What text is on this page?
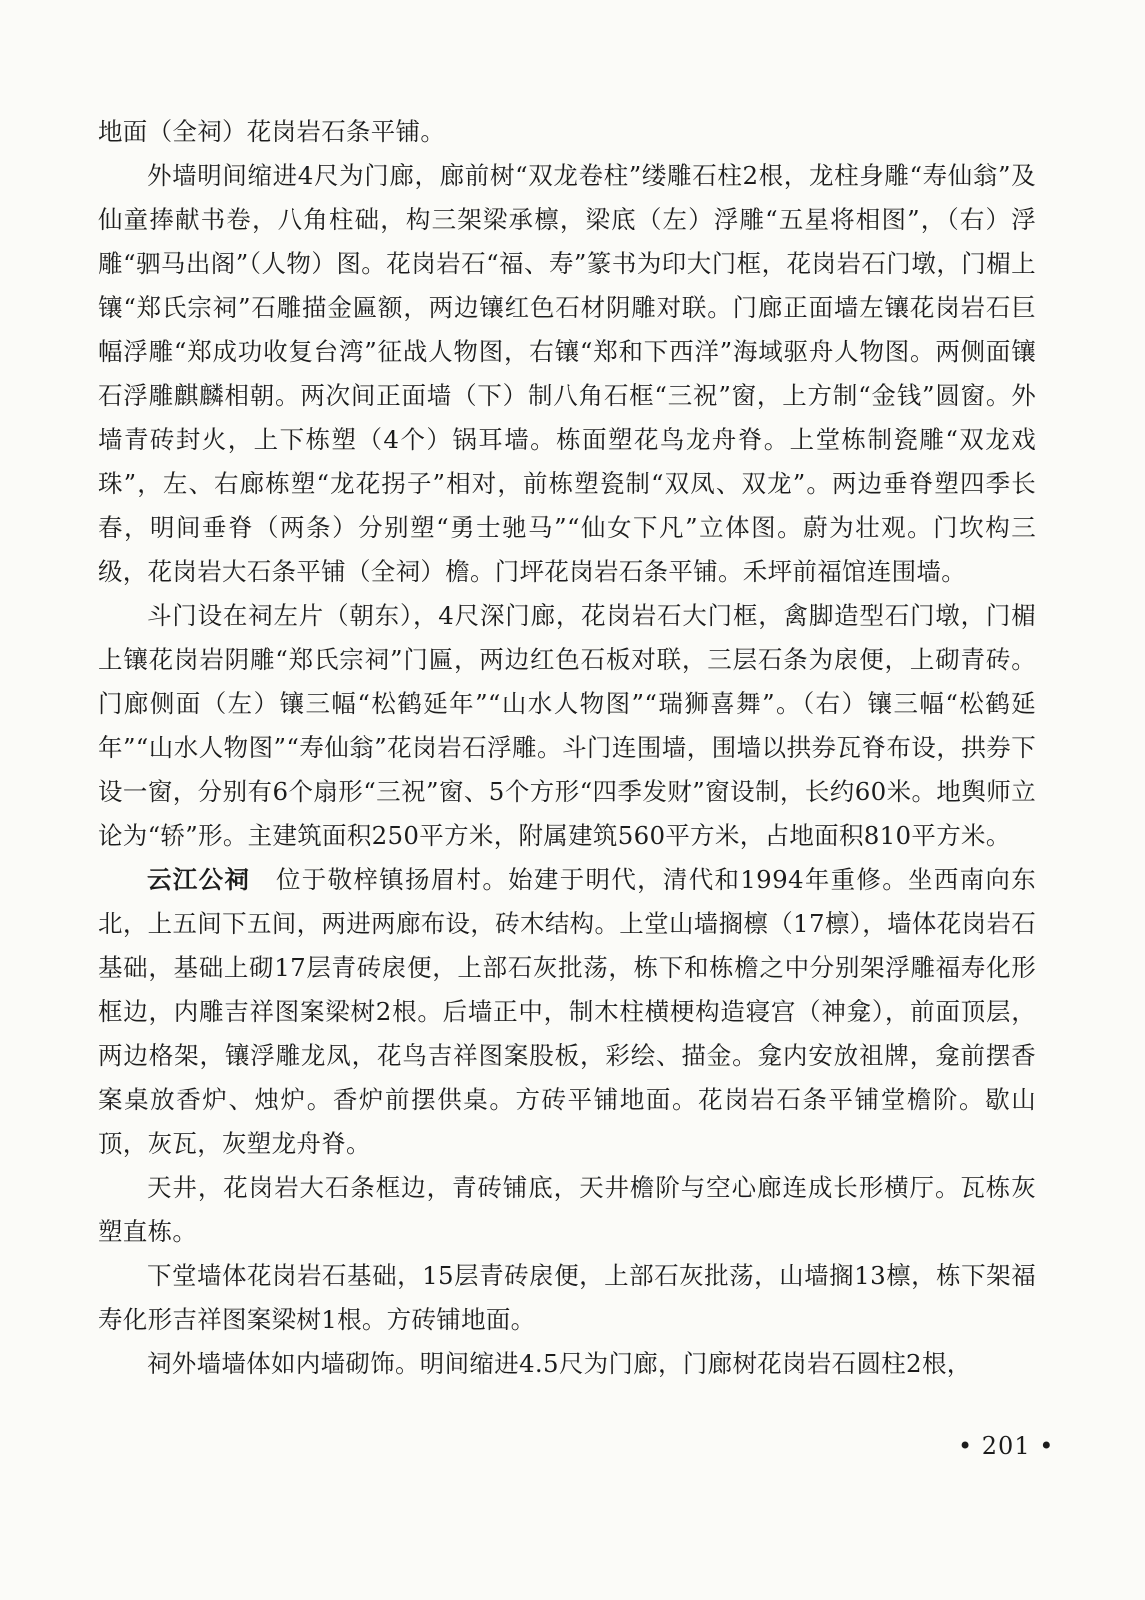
地面（全祠）花岗岩石条平铺。

外墙明间缩进4尺为门廊，廊前树“双龙卷柱”缕雕石柱2根，龙柱身雕“寿仙翁”及仙童捧献书卷，八角柱础，构三架梁承檩，梁底（左）浮雕“五星将相图”，（右）浮雕“驷马出阁”（人物）图。花岗岩石“福、寿”篆书为印大门框，花岗岩石门墩，门楣上镶“郑氏宗祠”石雕描金匾额，两边镶红色石材阴雕对联。门廊正面墙左镶花岗岩石巨幅浮雕“郑成功收复台湾”征战人物图，右镶“郑和下西洋”海域驱舟人物图。两侧面镶石浮雕麒麟相朝。两次间正面墙（下）制八角石框“三祝”窗，上方制“金钱”圆窗。外墙青砖封火，上下栋塑（4个）锅耳墙。栋面塑花鸟龙舟脊。上堂栋制瓷雕“双龙戏珠”，左、右廊栋塑“龙花拐子”相对，前栋塑瓷制“双凤、双龙”。两边垂脊塑四季长春，明间垂脊（两条）分别塑“勇士驰马”“仙女下凡”立体图。蔚为壮观。门坎构三级，花岗岩大石条平铺（全祠）檐。门坪花岗岩石条平铺。禾坪前福馆连围墙。

斗门设在祠左片（朝东），4尺深门廊，花岗岩石大门框，禽脚造型石门墩，门楣上镶花岗岩阴雕“郑氏宗祠”门匾，两边红色石板对联，三层石条为扆便，上砌青砖。门廊侧面（左）镶三幅“松鹤延年”“山水人物图”“瑞狮喜舞”。（右）镶三幅“松鹤延年”“山水人物图”“寿仙翁”花岗岩石浮雕。斗门连围墙，围墙以拱券瓦脊布设，拱券下设一窗，分别有6个扇形“三祝”窗、5个方形“四季发财”窗设制，长约60米。地舆师立论为“轿”形。主建筑面积250平方米，附属建筑560平方米，占地面积810平方米。

云江公祠　位于敬梓镇扬眉村。始建于明代，清代和1994年重修。坐西南向东北，上五间下五间，两进两廊布设，砖木结构。上堂山墙搁檩（17檩），墙体花岗岩石基础，基础上砌17层青砖扆便，上部石灰批荡，栋下和栋檐之中分别架浮雕福寿化形框边，内雕吉祥图案梁树2根。后墙正中，制木柱横梗构造寝宫（神龛），前面顶层，两边格架，镶浮雕龙凤，花鸟吉祥图案股板，彩绘、描金。龛内安放祖牌，龛前摆香案桌放香炉、烛炉。香炉前摆供桌。方砖平铺地面。花岗岩石条平铺堂檐阶。歇山顶，灰瓦，灰塑龙舟脊。

天井，花岗岩大石条框边，青砖铺底，天井檐阶与空心廊连成长形横厅。瓦栋灰塑直栋。

下堂墙体花岗岩石基础，15层青砖扆便，上部石灰批荡，山墙搁13檩，栋下架福寿化形吉祥图案梁树1根。方砖铺地面。

祠外墙墙体如内墙砌饰。明间缩进4.5尺为门廊，门廊树花岗岩石圆柱2根，

• 201 •
